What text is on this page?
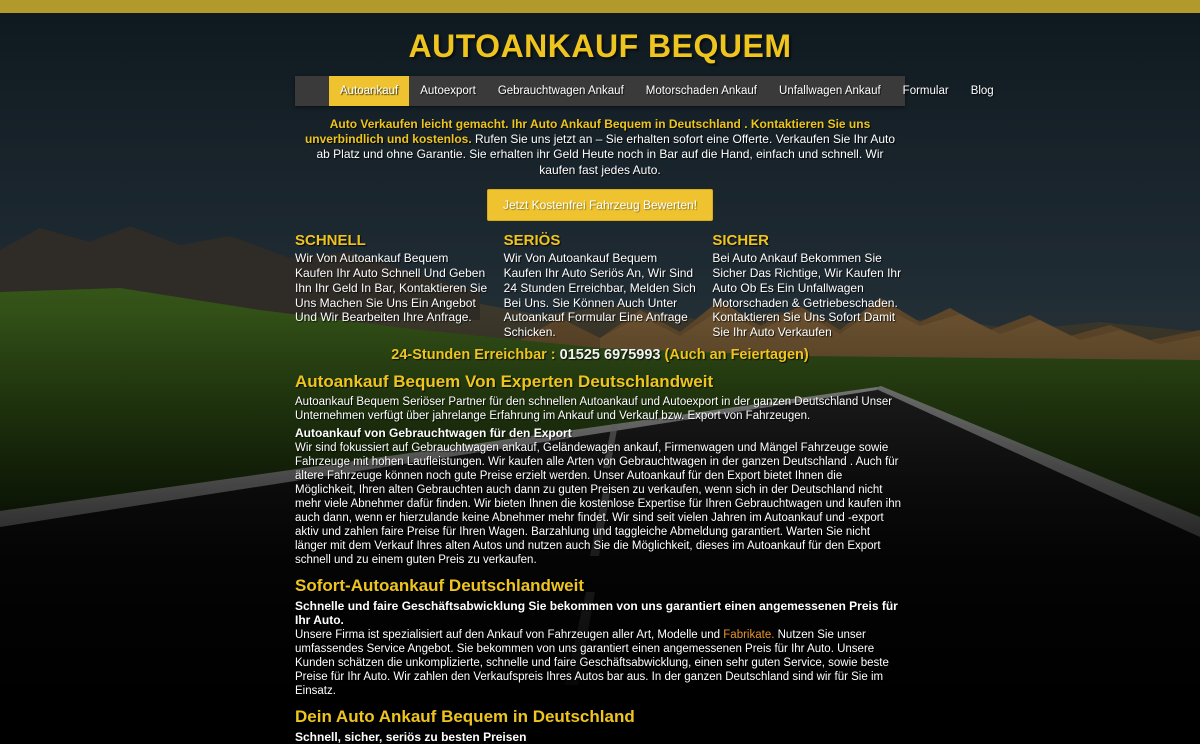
AUTOANKAUF BEQUEM
Autoankauf	Autoexport	Gebrauchtwagen Ankauf	Motorschaden Ankauf	Unfallwagen Ankauf	Formular	Blog

Auto Verkaufen leicht gemacht. Ihr Auto Ankauf Bequem in Deutschland . Kontaktieren Sie uns unverbindlich und kostenlos. Rufen Sie uns jetzt an – Sie erhalten sofort eine Offerte. Verkaufen Sie Ihr Auto ab Platz und ohne Garantie. Sie erhalten ihr Geld Heute noch in Bar auf die Hand, einfach und schnell. Wir kaufen fast jedes Auto.

Jetzt Kostenfrei Fahrzeug Bewerten!
SCHNELL

Wir Von Autoankauf Bequem Kaufen Ihr Auto Schnell Und Geben Ihn Ihr Geld In Bar, Kontaktieren Sie Uns Machen Sie Uns Ein Angebot Und Wir Bearbeiten Ihre Anfrage.

SERIÖS

Wir Von Autoankauf Bequem Kaufen Ihr Auto Seriös An, Wir Sind 24 Stunden Erreichbar, Melden Sich Bei Uns. Sie Können Auch Unter Autoankauf Formular Eine Anfrage Schicken.

SICHER

Bei Auto Ankauf Bekommen Sie Sicher Das Richtige, Wir Kaufen Ihr Auto Ob Es Ein Unfallwagen Motorschaden & Getriebeschaden. Kontaktieren Sie Uns Sofort Damit Sie Ihr Auto Verkaufen

24-Stunden Erreichbar : 01525 6975993 (Auch an Feiertagen)
Autoankauf Bequem Von Experten Deutschlandweit

Autoankauf Bequem Seriöser Partner für den schnellen Autoankauf und Autoexport in der ganzen Deutschland Unser Unternehmen verfügt über jahrelange Erfahrung im Ankauf und Verkauf bzw. Export von Fahrzeugen.

Autoankauf von Gebrauchtwagen für den Export

Wir sind fokussiert auf Gebrauchtwagen ankauf, Geländewagen ankauf, Firmenwagen und Mängel Fahrzeuge sowie Fahrzeuge mit hohen Laufleistungen. Wir kaufen alle Arten von Gebrauchtwagen in der ganzen Deutschland . Auch für ältere Fahrzeuge können noch gute Preise erzielt werden. Unser Autoankauf für den Export bietet Ihnen die Möglichkeit, Ihren alten Gebrauchten auch dann zu guten Preisen zu verkaufen, wenn sich in der Deutschland nicht mehr viele Abnehmer dafür finden. Wir bieten Ihnen die kostenlose Expertise für Ihren Gebrauchtwagen und kaufen ihn auch dann, wenn er hierzulande keine Abnehmer mehr findet. Wir sind seit vielen Jahren im Autoankauf und -export aktiv und zahlen faire Preise für Ihren Wagen. Barzahlung und taggleiche Abmeldung garantiert. Warten Sie nicht länger mit dem Verkauf Ihres alten Autos und nutzen auch Sie die Möglichkeit, dieses im Autoankauf für den Export schnell und zu einem guten Preis zu verkaufen.

Sofort-Autoankauf Deutschlandweit
Schnelle und faire Geschäftsabwicklung Sie bekommen von uns garantiert einen angemessenen Preis für Ihr Auto.

Unsere Firma ist spezialisiert auf den Ankauf von Fahrzeugen aller Art, Modelle und Fabrikate. Nutzen Sie unser umfassendes Service Angebot. Sie bekommen von uns garantiert einen angemessenen Preis für Ihr Auto. Unsere Kunden schätzen die unkomplizierte, schnelle und faire Geschäftsabwicklung, einen sehr guten Service, sowie beste Preise für Ihr Auto. Wir zahlen den Verkaufspreis Ihres Autos bar aus. In der ganzen Deutschland sind wir für Sie im Einsatz.

Dein Auto Ankauf Bequem in Deutschland
Schnell, sicher, seriös zu besten Preisen
